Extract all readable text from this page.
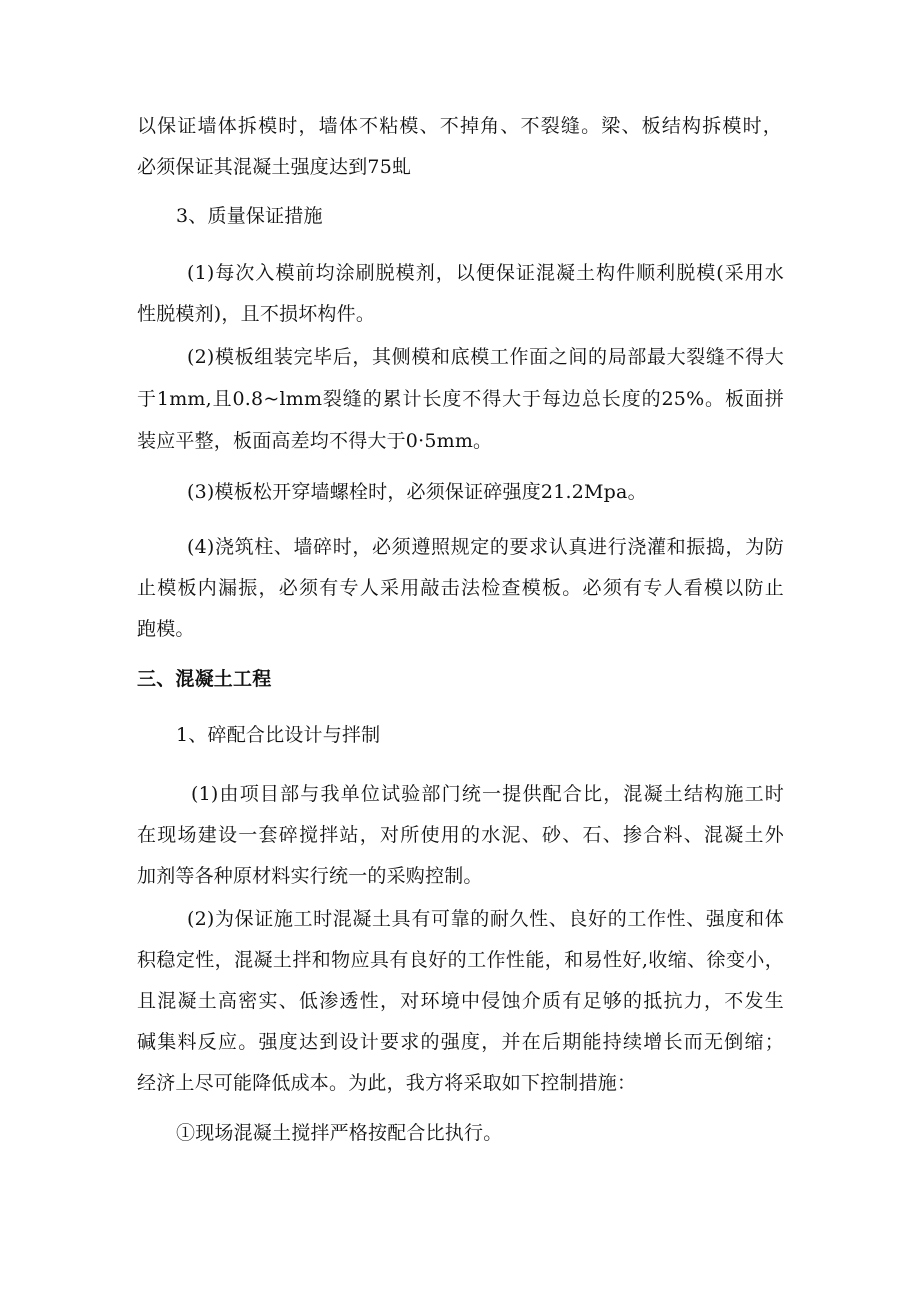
以保证墙体拆模时，墙体不粘模、不掉角、不裂缝。梁、板结构拆模时，
必须保证其混凝土强度达到75虬
3、质量保证措施
(1)每次入模前均涂刷脱模剂，以便保证混凝土构件顺利脱模(采用水
性脱模剂)，且不损坏构件。
(2)模板组装完毕后，其侧模和底模工作面之间的局部最大裂缝不得大
于1mm,且0.8~lmm裂缝的累计长度不得大于每边总长度的25%。板面拼
装应平整，板面高差均不得大于0·5mm。
(3)模板松开穿墙螺栓时，必须保证碎强度21.2Mpa。
(4)浇筑柱、墙碎时，必须遵照规定的要求认真进行浇灌和振捣，为防
止模板内漏振，必须有专人采用敲击法检查模板。必须有专人看模以防止
跑模。
三、混凝土工程
1、碎配合比设计与拌制
(1)由项目部与我单位试验部门统一提供配合比，混凝土结构施工时
在现场建设一套碎搅拌站，对所使用的水泥、砂、石、掺合料、混凝土外
加剂等各种原材料实行统一的采购控制。
(2)为保证施工时混凝土具有可靠的耐久性、良好的工作性、强度和体
积稳定性，混凝土拌和物应具有良好的工作性能，和易性好,收缩、徐变小，
且混凝土高密实、低渗透性，对环境中侵蚀介质有足够的抵抗力，不发生
碱集料反应。强度达到设计要求的强度，并在后期能持续增长而无倒缩；
经济上尽可能降低成本。为此，我方将采取如下控制措施：
①现场混凝土搅拌严格按配合比执行。
